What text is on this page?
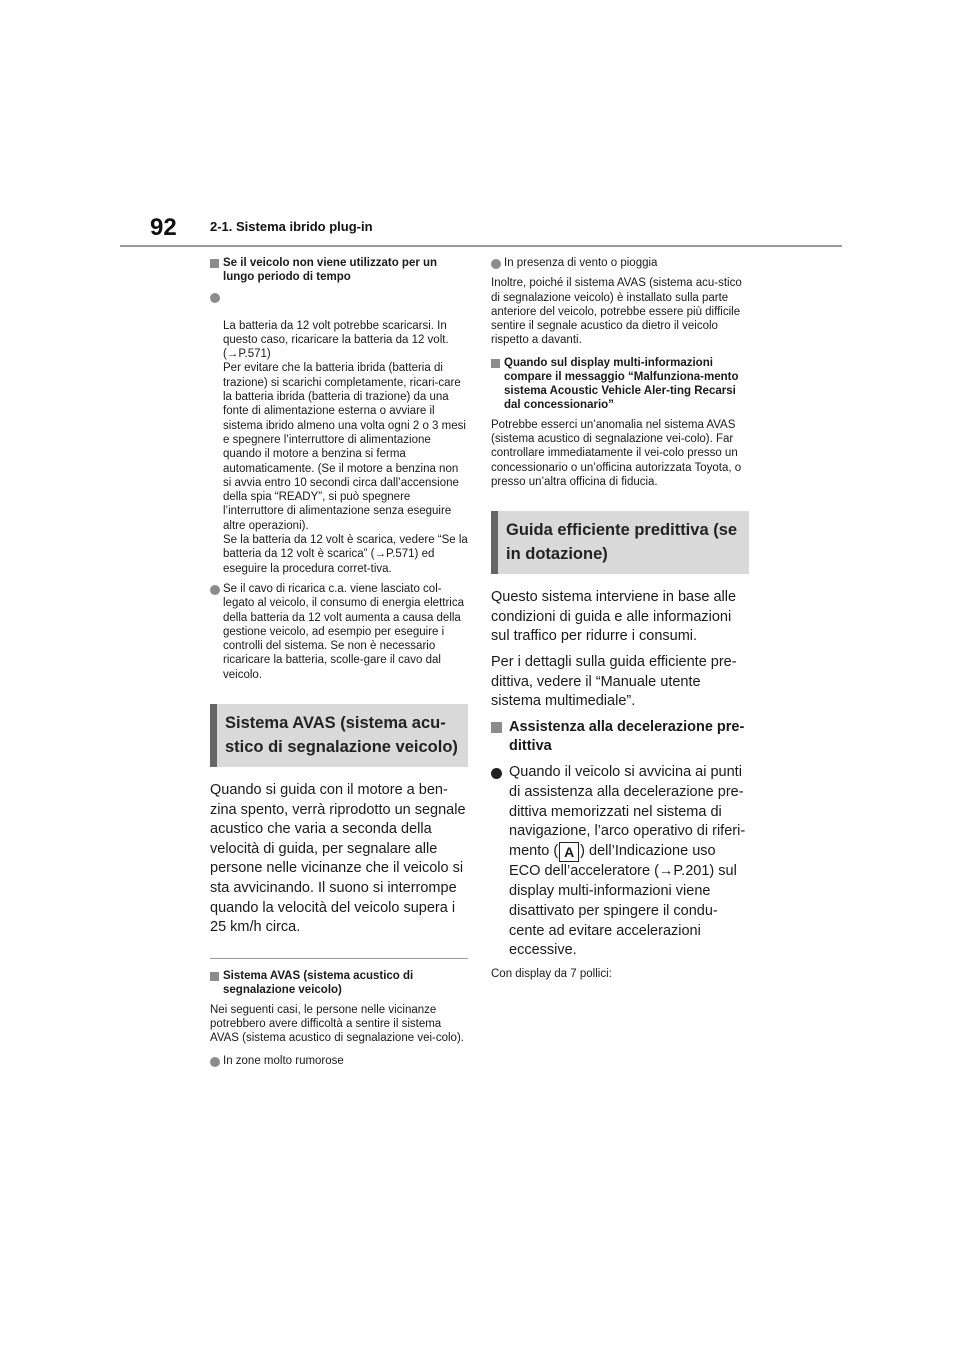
92	2-1. Sistema ibrido plug-in
Se il veicolo non viene utilizzato per un lungo periodo di tempo

La batteria da 12 volt potrebbe scaricarsi. In questo caso, ricaricare la batteria da 12 volt. (→P.571)
Per evitare che la batteria ibrida (batteria di trazione) si scarichi completamente, ricari-care la batteria ibrida (batteria di trazione) da una fonte di alimentazione esterna o avviare il sistema ibrido almeno una volta ogni 2 o 3 mesi e spegnere l’interruttore di alimentazione quando il motore a benzina si ferma automaticamente. (Se il motore a benzina non si avvia entro 10 secondi circa dall’accensione della spia “READY”, si può spegnere l’interruttore di alimentazione senza eseguire altre operazioni).
Se la batteria da 12 volt è scarica, vedere “Se la batteria da 12 volt è scarica” (→P.571) ed eseguire la procedura corret-tiva.

Se il cavo di ricarica c.a. viene lasciato col-legato al veicolo, il consumo di energia elettrica della batteria da 12 volt aumenta a causa della gestione veicolo, ad esempio per eseguire i controlli del sistema. Se non è necessario ricaricare la batteria, scolle-gare il cavo dal veicolo.
Sistema AVAS (sistema acu-stico di segnalazione veicolo)
Quando si guida con il motore a ben-zina spento, verrà riprodotto un segnale acustico che varia a seconda della velocità di guida, per segnalare alle persone nelle vicinanze che il veicolo si sta avvicinando. Il suono si interrompe quando la velocità del veicolo supera i 25 km/h circa.
Sistema AVAS (sistema acustico di segnalazione veicolo)
Nei seguenti casi, le persone nelle vicinanze potrebbero avere difficoltà a sentire il sistema AVAS (sistema acustico di segnalazione vei-colo).
In zone molto rumorose
In presenza di vento o pioggia
Inoltre, poiché il sistema AVAS (sistema acu-stico di segnalazione veicolo) è installato sulla parte anteriore del veicolo, potrebbe essere più difficile sentire il segnale acustico da dietro il veicolo rispetto a davanti.
Quando sul display multi-informazioni compare il messaggio “Malfunziona-mento sistema Acoustic Vehicle Aler-ting Recarsi dal concessionario”
Potrebbe esserci un’anomalia nel sistema AVAS (sistema acustico di segnalazione vei-colo). Far controllare immediatamente il vei-colo presso un concessionario o un’officina autorizzata Toyota, o presso un’altra officina di fiducia.
Guida efficiente predittiva (se in dotazione)
Questo sistema interviene in base alle condizioni di guida e alle informazioni sul traffico per ridurre i consumi.
Per i dettagli sulla guida efficiente pre-dittiva, vedere il “Manuale utente sistema multimediale”.
Assistenza alla decelerazione pre-dittiva
Quando il veicolo si avvicina ai punti di assistenza alla decelerazione pre-dittiva memorizzati nel sistema di navigazione, l’arco operativo di riferi-mento ( A ) dell’Indicazione uso ECO dell’acceleratore (→P.201) sul display multi-informazioni viene disattivato per spingere il condu-cente ad evitare accelerazioni eccessive.
Con display da 7 pollici:
